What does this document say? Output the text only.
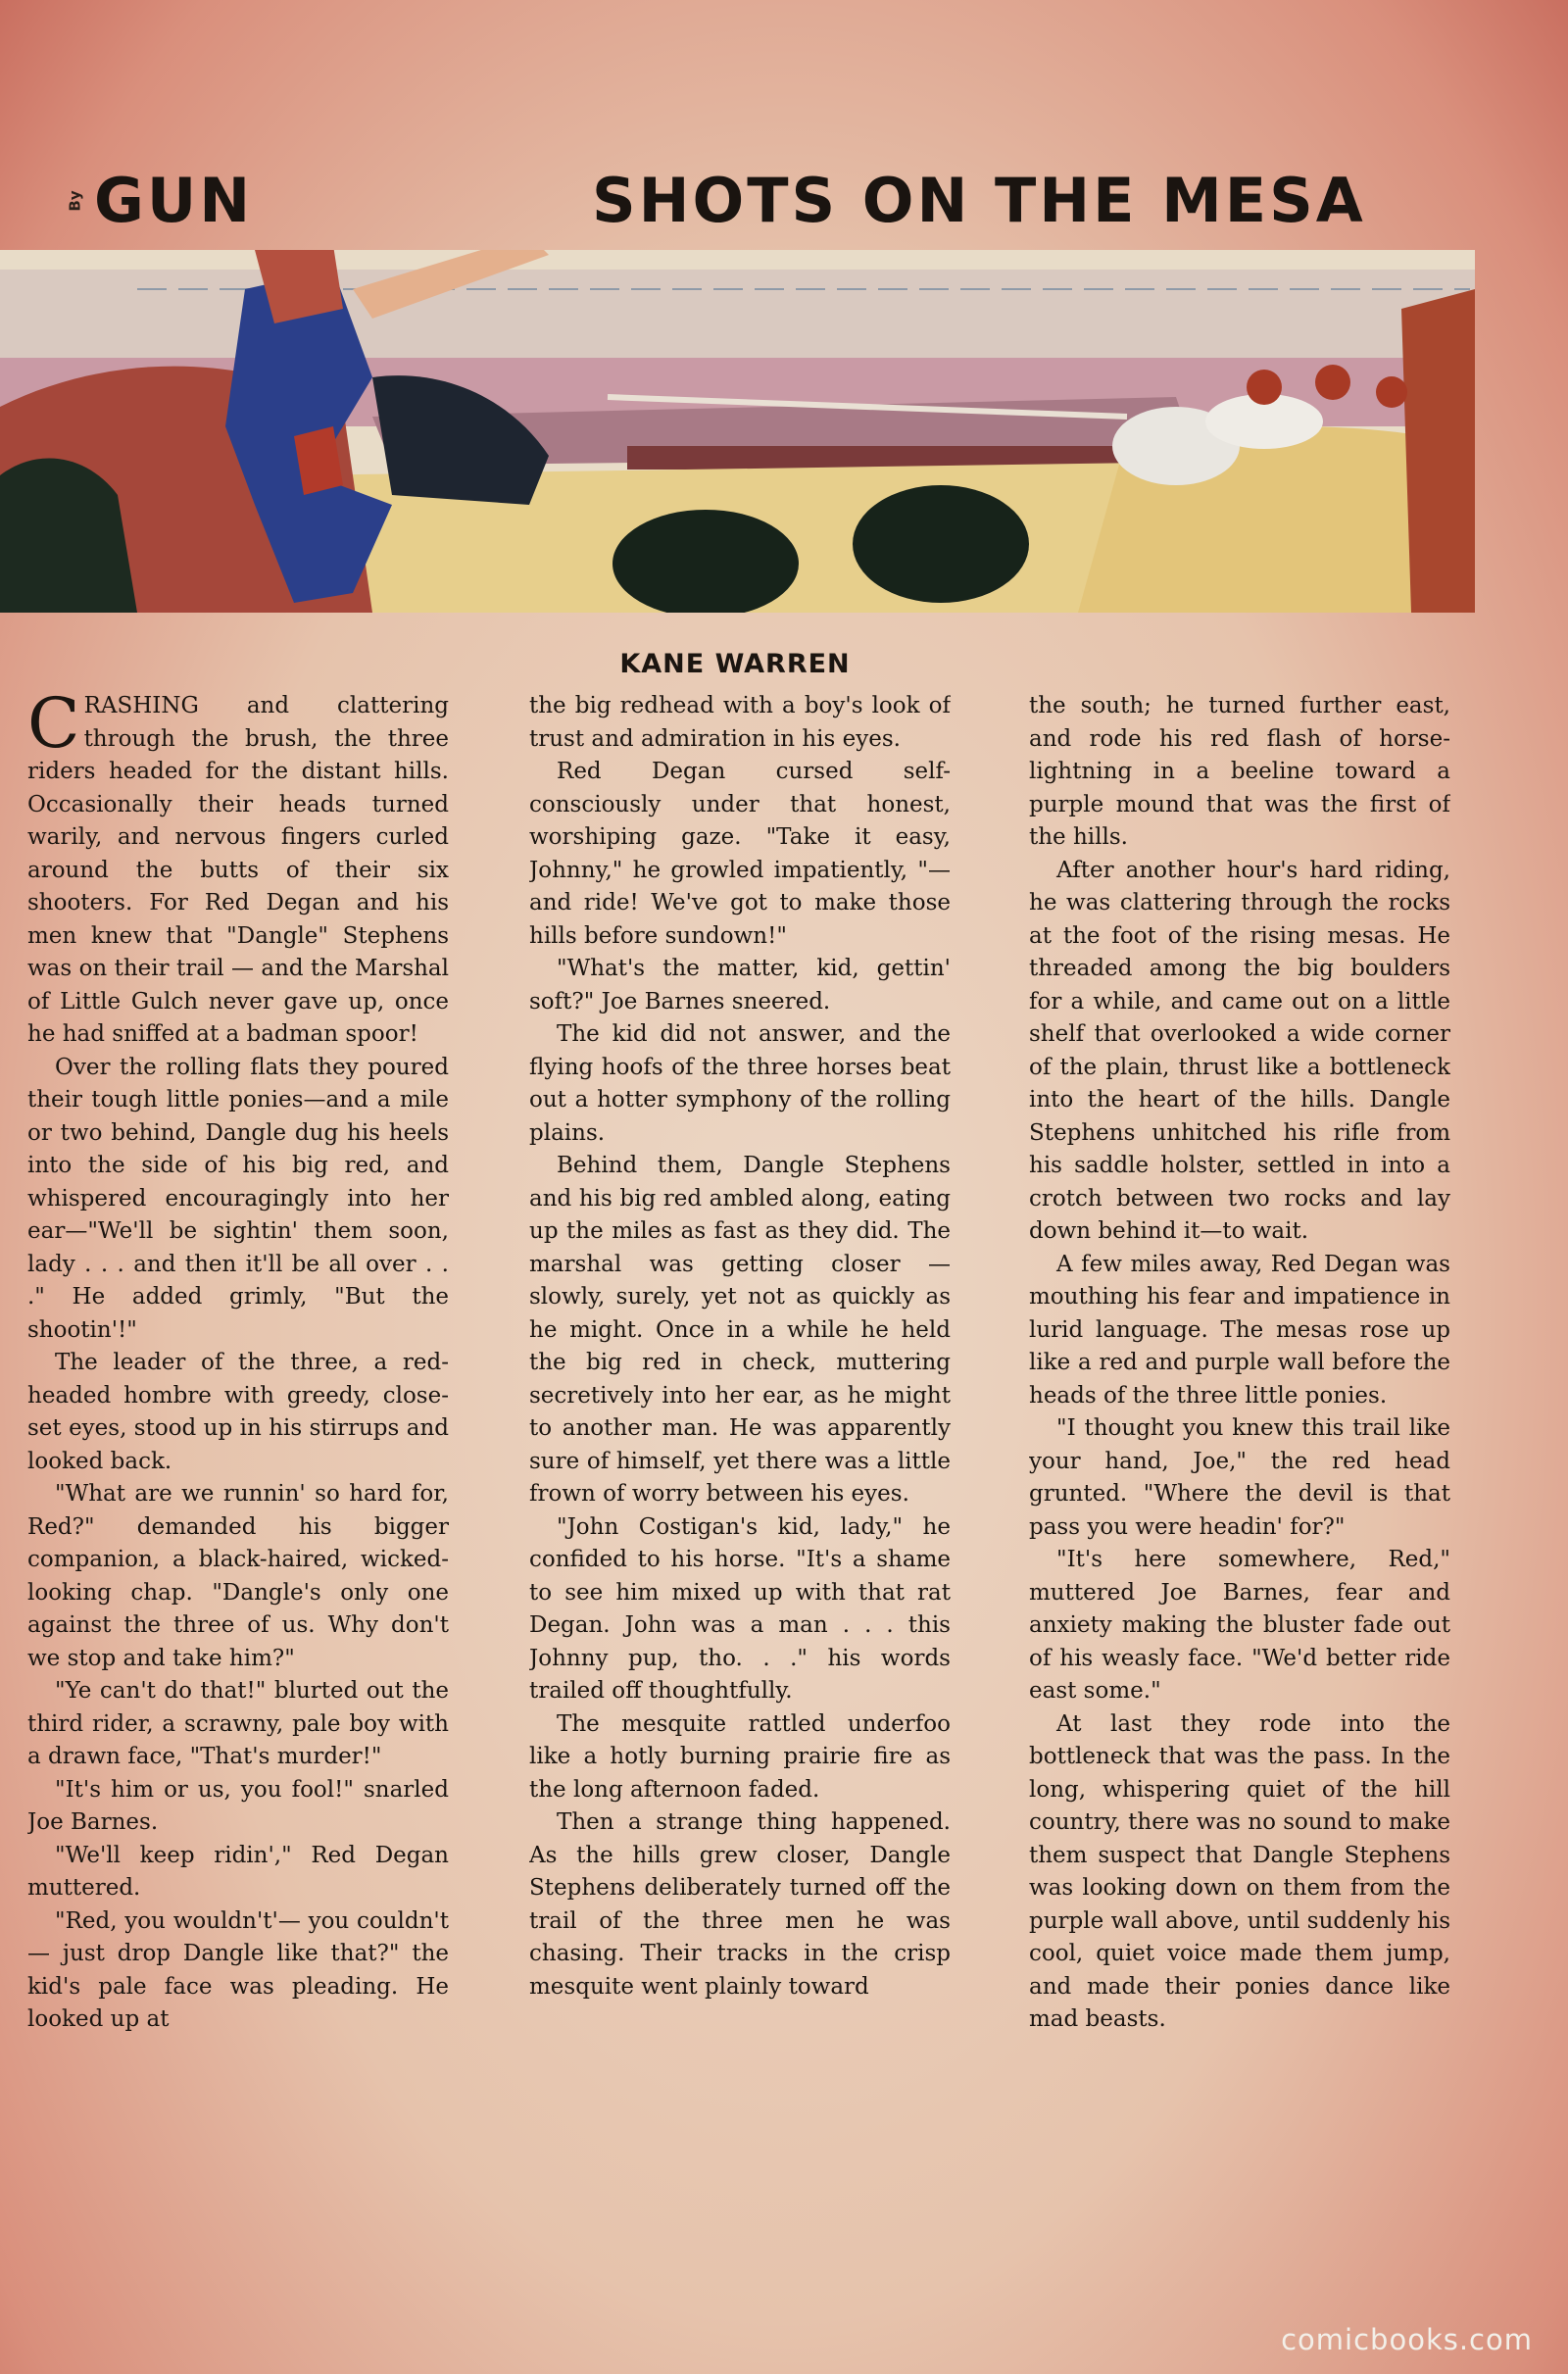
By GUN	SHOTS ON THE MESA
KANE WARREN

CRASHING and clattering through the brush, the three riders headed for the distant hills. Occasionally their heads turned warily, and nervous fingers curled around the butts of their six shooters. For Red Degan and his men knew that "Dangle" Stephens was on their trail — and the Marshal of Little Gulch never gave up, once he had sniffed at a badman spoor!

Over the rolling flats they poured their tough little ponies—and a mile or two behind, Dangle dug his heels into the side of his big red, and whispered encouragingly into her ear—"We'll be sightin' them soon, lady . . . and then it'll be all over . . ." He added grimly, "But the shootin'!"

The leader of the three, a red-headed hombre with greedy, close-set eyes, stood up in his stirrups and looked back.

"What are we runnin' so hard for, Red?" demanded his bigger companion, a black-haired, wicked-looking chap. "Dangle's only one against the three of us. Why don't we stop and take him?"

"Ye can't do that!" blurted out the third rider, a scrawny, pale boy with a drawn face, "That's murder!"

"It's him or us, you fool!" snarled Joe Barnes.

"We'll keep ridin'," Red Degan muttered.

"Red, you wouldn't'— you couldn't — just drop Dangle like that?" the kid's pale face was pleading. He looked up at

the big redhead with a boy's look of trust and admiration in his eyes.

Red Degan cursed self-consciously under that honest, worshiping gaze. "Take it easy, Johnny," he growled impatiently, "—and ride! We've got to make those hills before sundown!"

"What's the matter, kid, gettin' soft?" Joe Barnes sneered.

The kid did not answer, and the flying hoofs of the three horses beat out a hotter symphony of the rolling plains.

Behind them, Dangle Stephens and his big red ambled along, eating up the miles as fast as they did. The marshal was getting closer — slowly, surely, yet not as quickly as he might. Once in a while he held the big red in check, muttering secretively into her ear, as he might to another man. He was apparently sure of himself, yet there was a little frown of worry between his eyes.

"John Costigan's kid, lady," he confided to his horse. "It's a shame to see him mixed up with that rat Degan. John was a man . . . this Johnny pup, tho. . ." his words trailed off thoughtfully.

The mesquite rattled underfoo like a hotly burning prairie fire as the long afternoon faded.

Then a strange thing happened. As the hills grew closer, Dangle Stephens deliberately turned off the trail of the three men he was chasing. Their tracks in the crisp mesquite went plainly toward

the south; he turned further east, and rode his red flash of horse-lightning in a beeline toward a purple mound that was the first of the hills.

After another hour's hard riding, he was clattering through the rocks at the foot of the rising mesas. He threaded among the big boulders for a while, and came out on a little shelf that overlooked a wide corner of the plain, thrust like a bottleneck into the heart of the hills. Dangle Stephens unhitched his rifle from his saddle holster, settled in into a crotch between two rocks and lay down behind it—to wait.

A few miles away, Red Degan was mouthing his fear and impatience in lurid language. The mesas rose up like a red and purple wall before the heads of the three little ponies.

"I thought you knew this trail like your hand, Joe," the red head grunted. "Where the devil is that pass you were headin' for?"

"It's here somewhere, Red," muttered Joe Barnes, fear and anxiety making the bluster fade out of his weasly face. "We'd better ride east some."

At last they rode into the bottleneck that was the pass. In the long, whispering quiet of the hill country, there was no sound to make them suspect that Dangle Stephens was looking down on them from the purple wall above, until suddenly his cool, quiet voice made them jump, and made their ponies dance like mad beasts.

comicbooks.com
